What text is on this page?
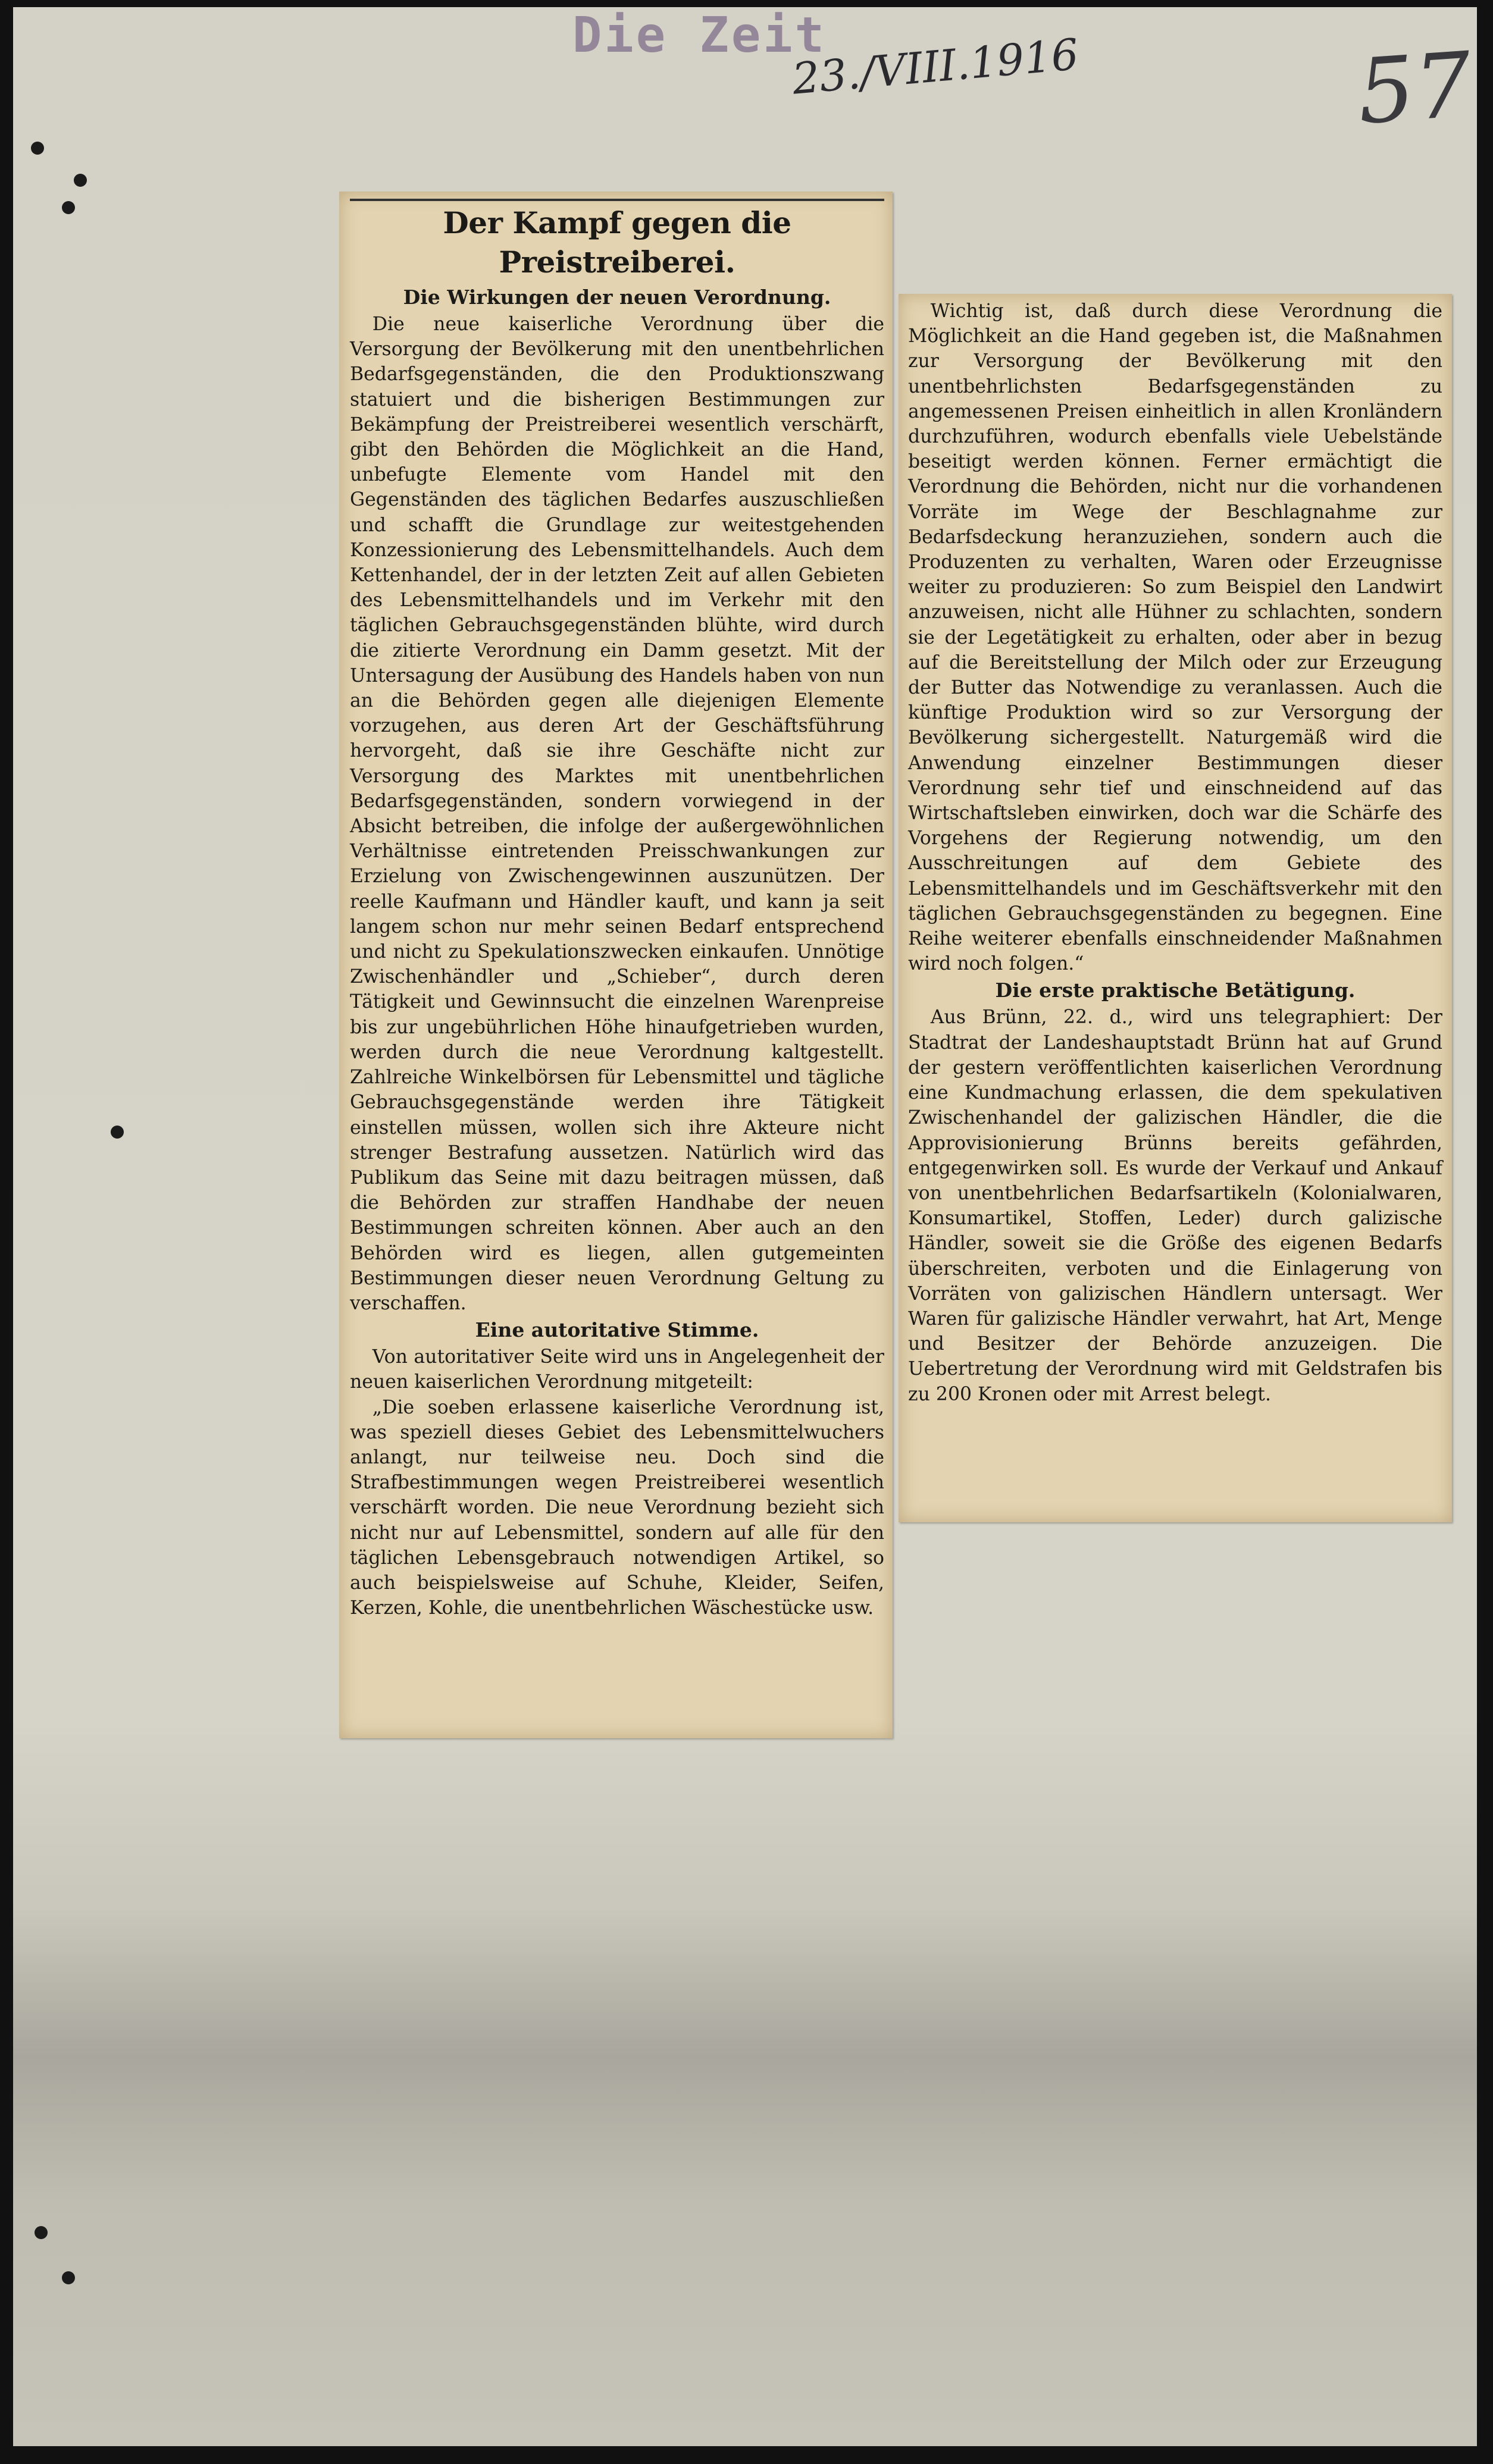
Die Zeit
23./VIII.1916	57
Der Kampf gegen die Preistreiberei.
Die Wirkungen der neuen Verordnung.

Die neue kaiserliche Verordnung über die Versorgung der Bevölkerung mit den unentbehrlichen Bedarfsgegenständen, die den Produktionszwang statuiert und die bisherigen Bestimmungen zur Bekämpfung der Preistreiberei wesentlich verschärft, gibt den Behörden die Möglichkeit an die Hand, unbefugte Elemente vom Handel mit den Gegenständen des täglichen Bedarfes auszuschließen und schafft die Grundlage zur weitestgehenden Konzessionierung des Lebensmittelhandels. Auch dem Kettenhandel, der in der letzten Zeit auf allen Gebieten des Lebensmittelhandels und im Verkehr mit den täglichen Gebrauchsgegenständen blühte, wird durch die zitierte Verordnung ein Damm gesetzt. Mit der Untersagung der Ausübung des Handels haben von nun an die Behörden gegen alle diejenigen Elemente vorzugehen, aus deren Art der Geschäftsführung hervorgeht, daß sie ihre Geschäfte nicht zur Versorgung des Marktes mit unentbehrlichen Bedarfsgegenständen, sondern vorwiegend in der Absicht betreiben, die infolge der außergewöhnlichen Verhältnisse eintretenden Preisschwankungen zur Erzielung von Zwischengewinnen auszunützen. Der reelle Kaufmann und Händler kauft, und kann ja seit langem schon nur mehr seinen Bedarf entsprechend und nicht zu Spekulationszwecken einkaufen. Unnötige Zwischenhändler und „Schieber“, durch deren Tätigkeit und Gewinnsucht die einzelnen Warenpreise bis zur ungebührlichen Höhe hinaufgetrieben wurden, werden durch die neue Verordnung kaltgestellt. Zahlreiche Winkelbörsen für Lebensmittel und tägliche Gebrauchsgegenstände werden ihre Tätigkeit einstellen müssen, wollen sich ihre Akteure nicht strenger Bestrafung aussetzen. Natürlich wird das Publikum das Seine mit dazu beitragen müssen, daß die Behörden zur straffen Handhabe der neuen Bestimmungen schreiten können. Aber auch an den Behörden wird es liegen, allen gutgemeinten Bestimmungen dieser neuen Verordnung Geltung zu verschaffen.

Eine autoritative Stimme.

Von autoritativer Seite wird uns in Angelegenheit der neuen kaiserlichen Verordnung mitgeteilt:

„Die soeben erlassene kaiserliche Verordnung ist, was speziell dieses Gebiet des Lebensmittelwuchers anlangt, nur teilweise neu. Doch sind die Strafbestimmungen wegen Preistreiberei wesentlich verschärft worden. Die neue Verordnung bezieht sich nicht nur auf Lebensmittel, sondern auf alle für den täglichen Lebensgebrauch notwendigen Artikel, so auch beispielsweise auf Schuhe, Kleider, Seifen, Kerzen, Kohle, die unentbehrlichen Wäschestücke usw.

Wichtig ist, daß durch diese Verordnung die Möglichkeit an die Hand gegeben ist, die Maßnahmen zur Versorgung der Bevölkerung mit den unentbehrlichsten Bedarfsgegenständen zu angemessenen Preisen einheitlich in allen Kronländern durchzuführen, wodurch ebenfalls viele Uebelstände beseitigt werden können. Ferner ermächtigt die Verordnung die Behörden, nicht nur die vorhandenen Vorräte im Wege der Beschlagnahme zur Bedarfsdeckung heranzuziehen, sondern auch die Produzenten zu verhalten, Waren oder Erzeugnisse weiter zu produzieren: So zum Beispiel den Landwirt anzuweisen, nicht alle Hühner zu schlachten, sondern sie der Legetätigkeit zu erhalten, oder aber in bezug auf die Bereitstellung der Milch oder zur Erzeugung der Butter das Notwendige zu veranlassen. Auch die künftige Produktion wird so zur Versorgung der Bevölkerung sichergestellt. Naturgemäß wird die Anwendung einzelner Bestimmungen dieser Verordnung sehr tief und einschneidend auf das Wirtschaftsleben einwirken, doch war die Schärfe des Vorgehens der Regierung notwendig, um den Ausschreitungen auf dem Gebiete des Lebensmittelhandels und im Geschäftsverkehr mit den täglichen Gebrauchsgegenständen zu begegnen. Eine Reihe weiterer ebenfalls einschneidender Maßnahmen wird noch folgen.“

Die erste praktische Betätigung.

Aus Brünn, 22. d., wird uns telegraphiert: Der Stadtrat der Landeshauptstadt Brünn hat auf Grund der gestern veröffentlichten kaiserlichen Verordnung eine Kundmachung erlassen, die dem spekulativen Zwischenhandel der galizischen Händler, die die Approvisionierung Brünns bereits gefährden, entgegenwirken soll. Es wurde der Verkauf und Ankauf von unentbehrlichen Bedarfsartikeln (Kolonialwaren, Konsumartikel, Stoffen, Leder) durch galizische Händler, soweit sie die Größe des eigenen Bedarfs überschreiten, verboten und die Einlagerung von Vorräten von galizischen Händlern untersagt. Wer Waren für galizische Händler verwahrt, hat Art, Menge und Besitzer der Behörde anzuzeigen. Die Uebertretung der Verordnung wird mit Geldstrafen bis zu 200 Kronen oder mit Arrest belegt.
